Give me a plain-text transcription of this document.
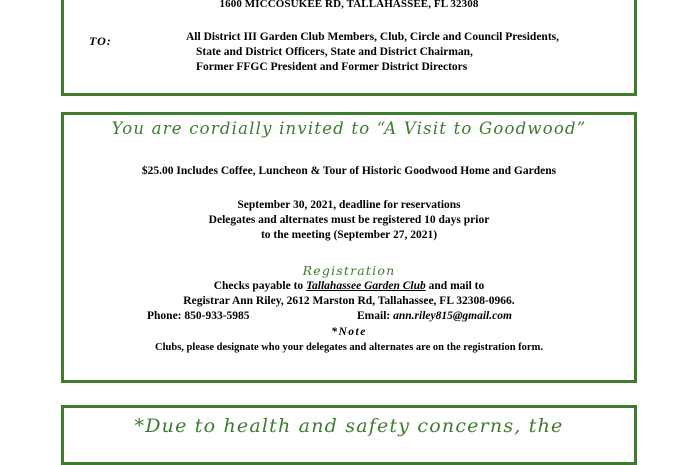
1600 MICCOSUKEE RD, TALLAHASSEE, FL 32308
TO:	All District III Garden Club Members, Club, Circle and Council Presidents,
State and District Officers, State and District Chairman,
Former FFGC President and Former District Directors
You are cordially invited to “A Visit to Goodwood”
$25.00 Includes Coffee, Luncheon & Tour of Historic Goodwood Home and Gardens
September 30, 2021, deadline for reservations
Delegates and alternates must be registered 10 days prior
to the meeting (September 27, 2021)
Registration
Checks payable to Tallahassee Garden Club and mail to
Registrar Ann Riley, 2612 Marston Rd, Tallahassee, FL 32308-0966.
Phone: 850-933-5985	Email: ann.riley815@gmail.com
*Note
Clubs, please designate who your delegates and alternates are on the registration form.
*Due to health and safety concerns, the
